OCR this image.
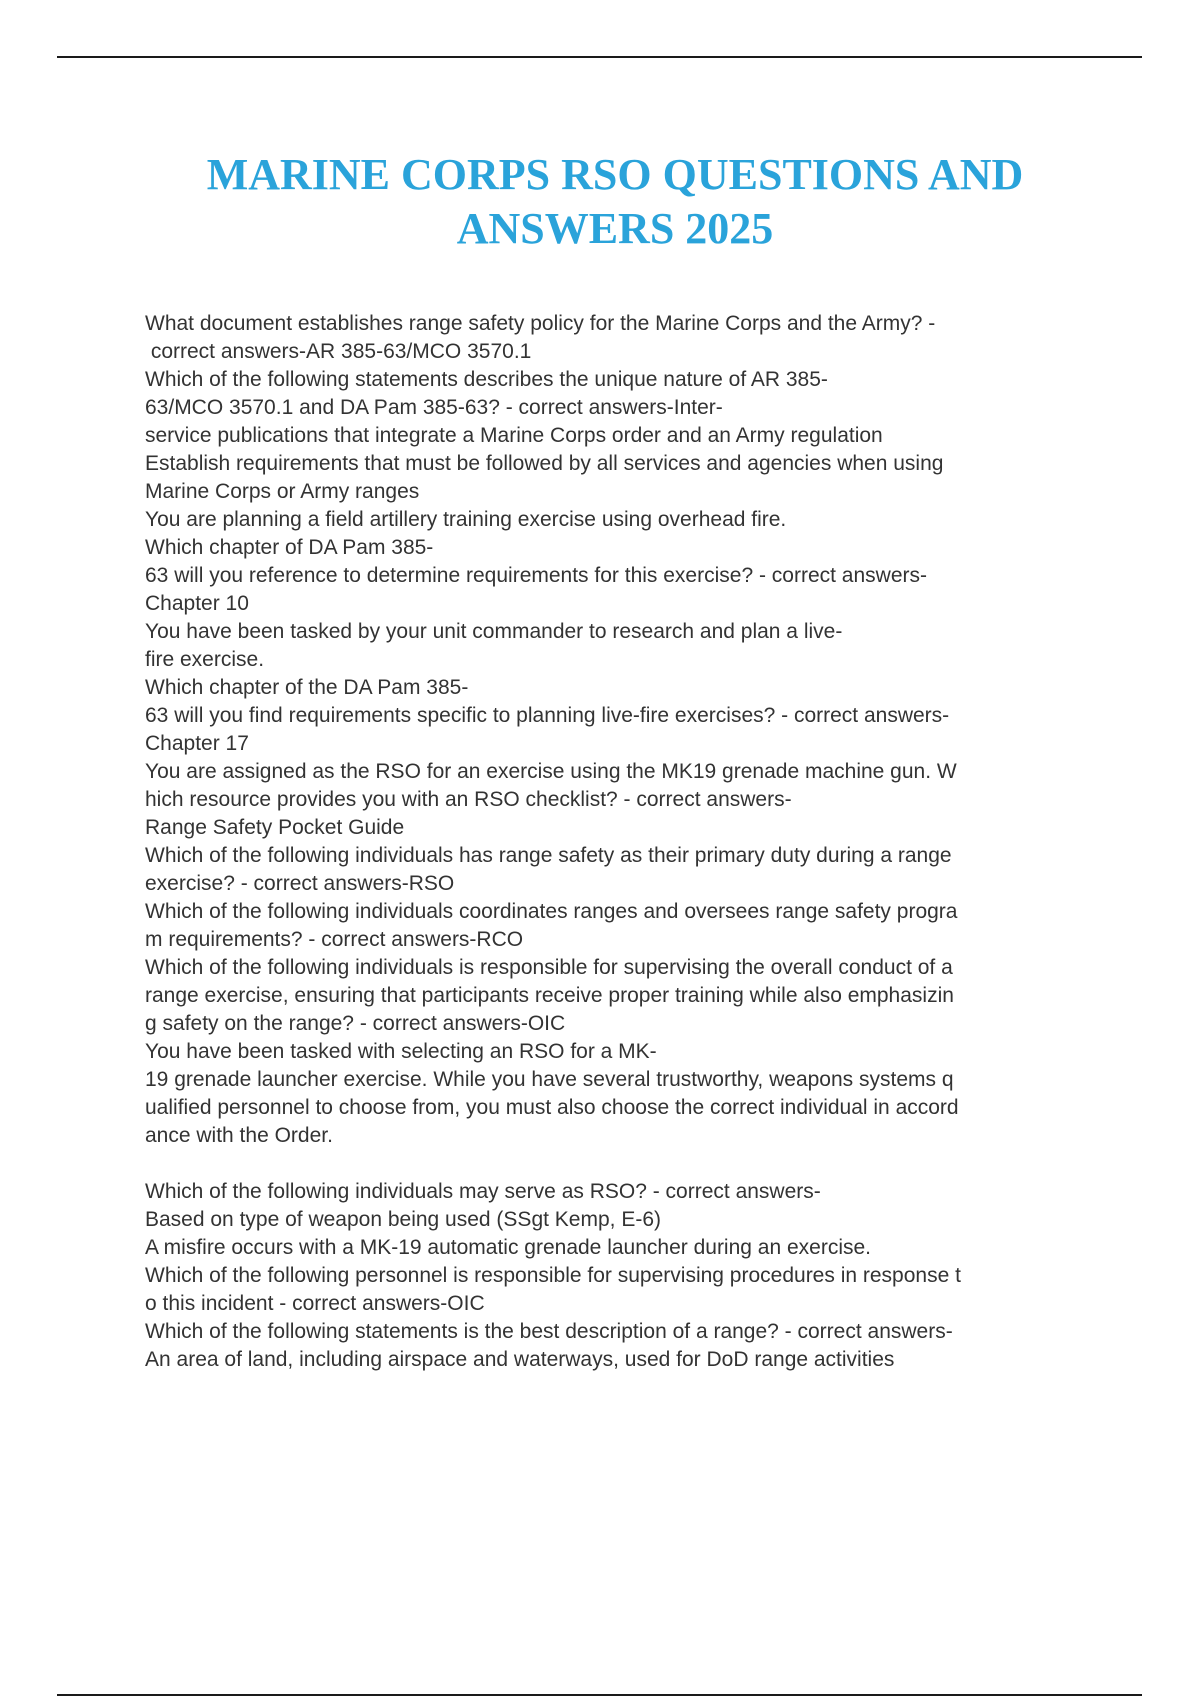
MARINE CORPS RSO QUESTIONS AND
ANSWERS 2025
What document establishes range safety policy for the Marine Corps and the Army? -
correct answers-AR 385-63/MCO 3570.1
Which of the following statements describes the unique nature of AR 385-
63/MCO 3570.1 and DA Pam 385-63? - correct answers-Inter-
service publications that integrate a Marine Corps order and an Army regulation
Establish requirements that must be followed by all services and agencies when using
Marine Corps or Army ranges
You are planning a field artillery training exercise using overhead fire.
Which chapter of DA Pam 385-
63 will you reference to determine requirements for this exercise? - correct answers-
Chapter 10
You have been tasked by your unit commander to research and plan a live-
fire exercise.
Which chapter of the DA Pam 385-
63 will you find requirements specific to planning live-fire exercises? - correct answers-
Chapter 17
You are assigned as the RSO for an exercise using the MK19 grenade machine gun. W
hich resource provides you with an RSO checklist? - correct answers-
Range Safety Pocket Guide
Which of the following individuals has range safety as their primary duty during a range
exercise? - correct answers-RSO
Which of the following individuals coordinates ranges and oversees range safety progra
m requirements? - correct answers-RCO
Which of the following individuals is responsible for supervising the overall conduct of a
range exercise, ensuring that participants receive proper training while also emphasizin
g safety on the range? - correct answers-OIC
You have been tasked with selecting an RSO for a MK-
19 grenade launcher exercise. While you have several trustworthy, weapons systems q
ualified personnel to choose from, you must also choose the correct individual in accord
ance with the Order.
Which of the following individuals may serve as RSO? - correct answers-
Based on type of weapon being used (SSgt Kemp, E-6)
A misfire occurs with a MK-19 automatic grenade launcher during an exercise.
Which of the following personnel is responsible for supervising procedures in response t
o this incident - correct answers-OIC
Which of the following statements is the best description of a range? - correct answers-
An area of land, including airspace and waterways, used for DoD range activities
